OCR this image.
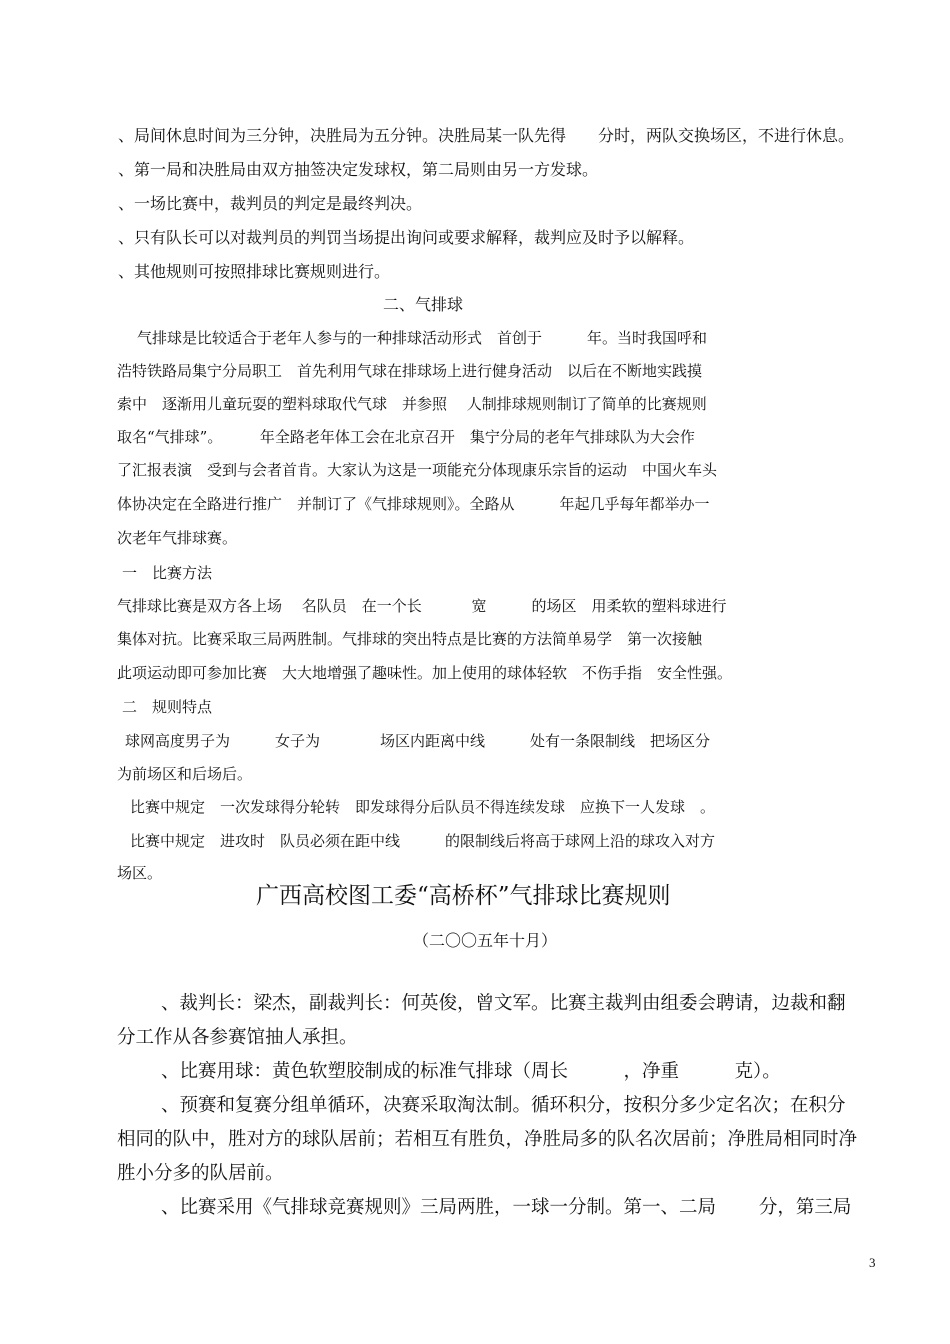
、局间休息时间为三分钟，决胜局为五分钟。决胜局某一队先得　　分时，两队交换场区，不进行休息。
、第一局和决胜局由双方抽签决定发球权，第二局则由另一方发球。
、一场比赛中，裁判员的判定是最终判决。
、只有队长可以对裁判员的判罚当场提出询问或要求解释，裁判应及时予以解释。
、其他规则可按照排球比赛规则进行。
二、气排球
气排球是比较适合于老年人参与的一种排球活动形式　首创于　　　年。当时我国呼和
浩特铁路局集宁分局职工　首先利用气球在排球场上进行健身活动　以后在不断地实践摸
索中　逐渐用儿童玩耍的塑料球取代气球　并参照　 人制排球规则制订了简单的比赛规则
取名“气排球”。　　　年全路老年体工会在北京召开　集宁分局的老年气排球队为大会作
了汇报表演　受到与会者首肯。大家认为这是一项能充分体现康乐宗旨的运动　中国火车头
体协决定在全路进行推广　并制订了《气排球规则》。全路从　　　年起几乎每年都举办一
次老年气排球赛。
一　比赛方法
气排球比赛是双方各上场　 名队员　在一个长　　　 宽　　　的场区　用柔软的塑料球进行
集体对抗。比赛采取三局两胜制。气排球的突出特点是比赛的方法简单易学　第一次接触
此项运动即可参加比赛　大大地增强了趣味性。加上使用的球体轻软　不伤手指　安全性强。
二　规则特点
球网高度男子为　　　女子为　　　　场区内距离中线　　　处有一条限制线　把场区分
为前场区和后场后。
比赛中规定　一次发球得分轮转　即发球得分后队员不得连续发球　应换下一人发球　。
比赛中规定　进攻时　队员必须在距中线　　　的限制线后将高于球网上沿的球攻入对方
场区。
广西高校图工委“高桥杯”气排球比赛规则
（二〇〇五年十月）
、裁判长：梁杰，副裁判长：何英俊，曾文军。比赛主裁判由组委会聘请，边裁和翻
分工作从各参赛馆抽人承担。
、比赛用球：黄色软塑胶制成的标准气排球（周长　　　，净重　　　克）。
、预赛和复赛分组单循环，决赛采取淘汰制。循环积分，按积分多少定名次；在积分
相同的队中，胜对方的球队居前；若相互有胜负，净胜局多的队名次居前；净胜局相同时净
胜小分多的队居前。
、比赛采用《气排球竞赛规则》三局两胜，一球一分制。第一、二局　　 分，第三局
3
